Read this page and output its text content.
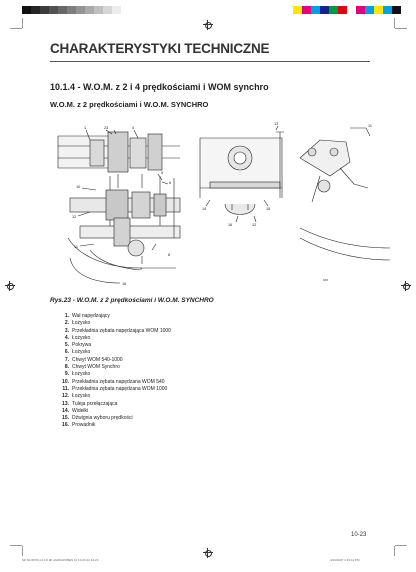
CHARAKTERYSTYKI TECHNICZNE
10.1.4 - W.O.M. z 2 i 4 prędkościami i WOM synchro
W.O.M. z 2 prędkościami i W.O.M. SYNCHRO
1	23	4
5
6
10
12
11
9
8
16
14	15
16	12
13	11
###
Rys.23 - W.O.M. z 2 prędkościami i W.O.M. SYNCHRO
1. Wał napędzający
2. Łożysko
3. Przekładnia zębata napędzająca WOM 1000
4. Łożysko
5. Pokrywa
6. Łożysko
7. Chwyt WOM 540-1000
8. Chwyt WOM Synchro
9. Łożysko
10. Przekładnia zębata napędzana WOM 540
11. Przekładnia zębata napędzana WOM 1000
12. Łożysko
13. Tuleja przełączająca
14. Widełki
15. Dźwignia wyboru prędkości
16. Prowadnik
10-23
SD 90-08 50 p4 4.0.0b AGRIGROBES 10 10-23.22 10-23	4/24/2007 4:19:12 PM
